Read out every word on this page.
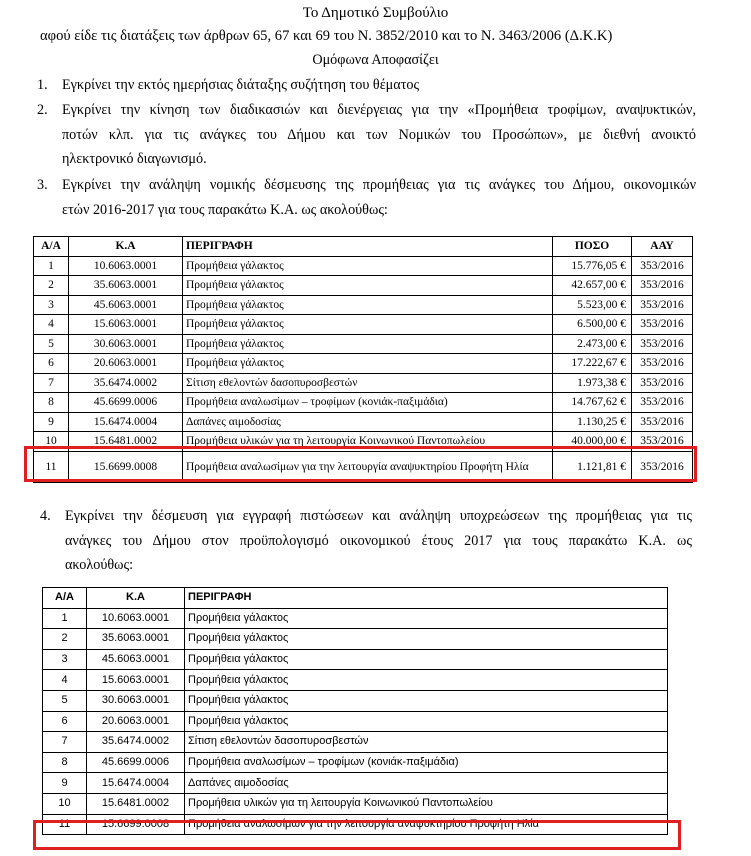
Το Δημοτικό Συμβούλιο
αφού είδε τις διατάξεις των άρθρων 65, 67 και 69 του Ν. 3852/2010 και το Ν. 3463/2006 (Δ.Κ.Κ)
Ομόφωνα Αποφασίζει
1. Εγκρίνει την εκτός ημερήσιας διάταξης συζήτηση του θέματος
2. Εγκρίνει την κίνηση των διαδικασιών και διενέργειας για την «Προμήθεια τροφίμων, αναψυκτικών,
ποτών κλπ. για τις ανάγκες του Δήμου και των Νομικών του Προσώπων», με διεθνή ανοικτό
ηλεκτρονικό διαγωνισμό.
3. Εγκρίνει την ανάληψη νομικής δέσμευσης της προμήθειας για τις ανάγκες του Δήμου, οικονομικών
ετών 2016-2017 για τους παρακάτω Κ.Α. ως ακολούθως:
Α/Α	Κ.Α	ΠΕΡΙΓΡΑΦΗ	ΠΟΣΟ	ΑΑΥ
1	10.6063.0001	Προμήθεια γάλακτος	15.776,05 €	353/2016
2	35.6063.0001	Προμήθεια γάλακτος	42.657,00 €	353/2016
3	45.6063.0001	Προμήθεια γάλακτος	5.523,00 €	353/2016
4	15.6063.0001	Προμήθεια γάλακτος	6.500,00 €	353/2016
5	30.6063.0001	Προμήθεια γάλακτος	2.473,00 €	353/2016
6	20.6063.0001	Προμήθεια γάλακτος	17.222,67 €	353/2016
7	35.6474.0002	Σίτιση εθελοντών δασοπυροσβεστών	1.973,38 €	353/2016
8	45.6699.0006	Προμήθεια αναλωσίμων – τροφίμων (κονιάκ-παξιμάδια)	14.767,62 €	353/2016
9	15.6474.0004	Δαπάνες αιμοδοσίας	1.130,25 €	353/2016
10	15.6481.0002	Προμήθεια υλικών για τη λειτουργία Κοινωνικού Παντοπωλείου	40.000,00 €	353/2016
11	15.6699.0008	Προμήθεια αναλωσίμων για την λειτουργία αναψυκτηρίου Προφήτη Ηλία	1.121,81 €	353/2016
4. Εγκρίνει την δέσμευση για εγγραφή πιστώσεων και ανάληψη υποχρεώσεων της προμήθειας για τις
ανάγκες του Δήμου στον προϋπολογισμό οικονομικού έτους 2017 για τους παρακάτω Κ.Α. ως
ακολούθως:
Α/Α	Κ.Α	ΠΕΡΙΓΡΑΦΗ
1	10.6063.0001	Προμήθεια γάλακτος
2	35.6063.0001	Προμήθεια γάλακτος
3	45.6063.0001	Προμήθεια γάλακτος
4	15.6063.0001	Προμήθεια γάλακτος
5	30.6063.0001	Προμήθεια γάλακτος
6	20.6063.0001	Προμήθεια γάλακτος
7	35.6474.0002	Σίτιση εθελοντών δασοπυροσβεστών
8	45.6699.0006	Προμήθεια αναλωσίμων – τροφίμων (κονιάκ-παξιμάδια)
9	15.6474.0004	Δαπάνες αιμοδοσίας
10	15.6481.0002	Προμήθεια υλικών για τη λειτουργία Κοινωνικού Παντοπωλείου
11	15.6699.0008	Προμήθεια αναλωσίμων για την λειτουργία αναψυκτηρίου Προφήτη Ηλία
